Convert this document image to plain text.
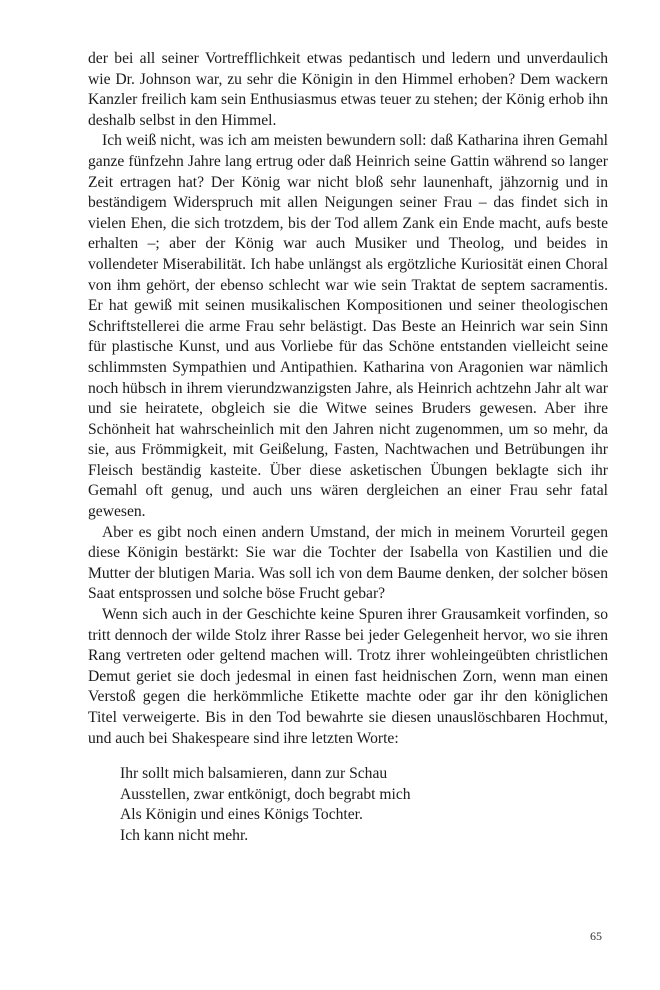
der bei all seiner Vortrefflichkeit etwas pedantisch und ledern und unverdaulich wie Dr. Johnson war, zu sehr die Königin in den Himmel erhoben? Dem wackern Kanzler freilich kam sein Enthusiasmus etwas teuer zu stehen; der König erhob ihn deshalb selbst in den Himmel.

Ich weiß nicht, was ich am meisten bewundern soll: daß Katharina ihren Gemahl ganze fünfzehn Jahre lang ertrug oder daß Heinrich seine Gattin während so langer Zeit ertragen hat? Der König war nicht bloß sehr launenhaft, jähzornig und in beständigem Widerspruch mit allen Neigungen seiner Frau – das findet sich in vielen Ehen, die sich trotzdem, bis der Tod allem Zank ein Ende macht, aufs beste erhalten –; aber der König war auch Musiker und Theolog, und beides in vollendeter Miserabilität. Ich habe unlängst als ergötzliche Kuriosität einen Choral von ihm gehört, der ebenso schlecht war wie sein Traktat de septem sacramentis. Er hat gewiß mit seinen musikalischen Kompositionen und seiner theologischen Schriftstellerei die arme Frau sehr belästigt. Das Beste an Heinrich war sein Sinn für plastische Kunst, und aus Vorliebe für das Schöne entstanden vielleicht seine schlimmsten Sympathien und Antipathien. Katharina von Aragonien war nämlich noch hübsch in ihrem vierundzwanzigsten Jahre, als Heinrich achtzehn Jahr alt war und sie heiratete, obgleich sie die Witwe seines Bruders gewesen. Aber ihre Schönheit hat wahrscheinlich mit den Jahren nicht zugenommen, um so mehr, da sie, aus Frömmigkeit, mit Geißelung, Fasten, Nachtwachen und Betrübungen ihr Fleisch beständig kasteite. Über diese asketischen Übungen beklagte sich ihr Gemahl oft genug, und auch uns wären dergleichen an einer Frau sehr fatal gewesen.

Aber es gibt noch einen andern Umstand, der mich in meinem Vorurteil gegen diese Königin bestärkt: Sie war die Tochter der Isabella von Kastilien und die Mutter der blutigen Maria. Was soll ich von dem Baume denken, der solcher bösen Saat entsprossen und solche böse Frucht gebar?

Wenn sich auch in der Geschichte keine Spuren ihrer Grausamkeit vorfinden, so tritt dennoch der wilde Stolz ihrer Rasse bei jeder Gelegenheit hervor, wo sie ihren Rang vertreten oder geltend machen will. Trotz ihrer wohleingeübten christlichen Demut geriet sie doch jedesmal in einen fast heidnischen Zorn, wenn man einen Verstoß gegen die herkömmliche Etikette machte oder gar ihr den königlichen Titel verweigerte. Bis in den Tod bewahrte sie diesen unauslöschbaren Hochmut, und auch bei Shakespeare sind ihre letzten Worte:

Ihr sollt mich balsamieren, dann zur Schau
Ausstellen, zwar entkönigt, doch begrabt mich
Als Königin und eines Königs Tochter.
Ich kann nicht mehr.
65
